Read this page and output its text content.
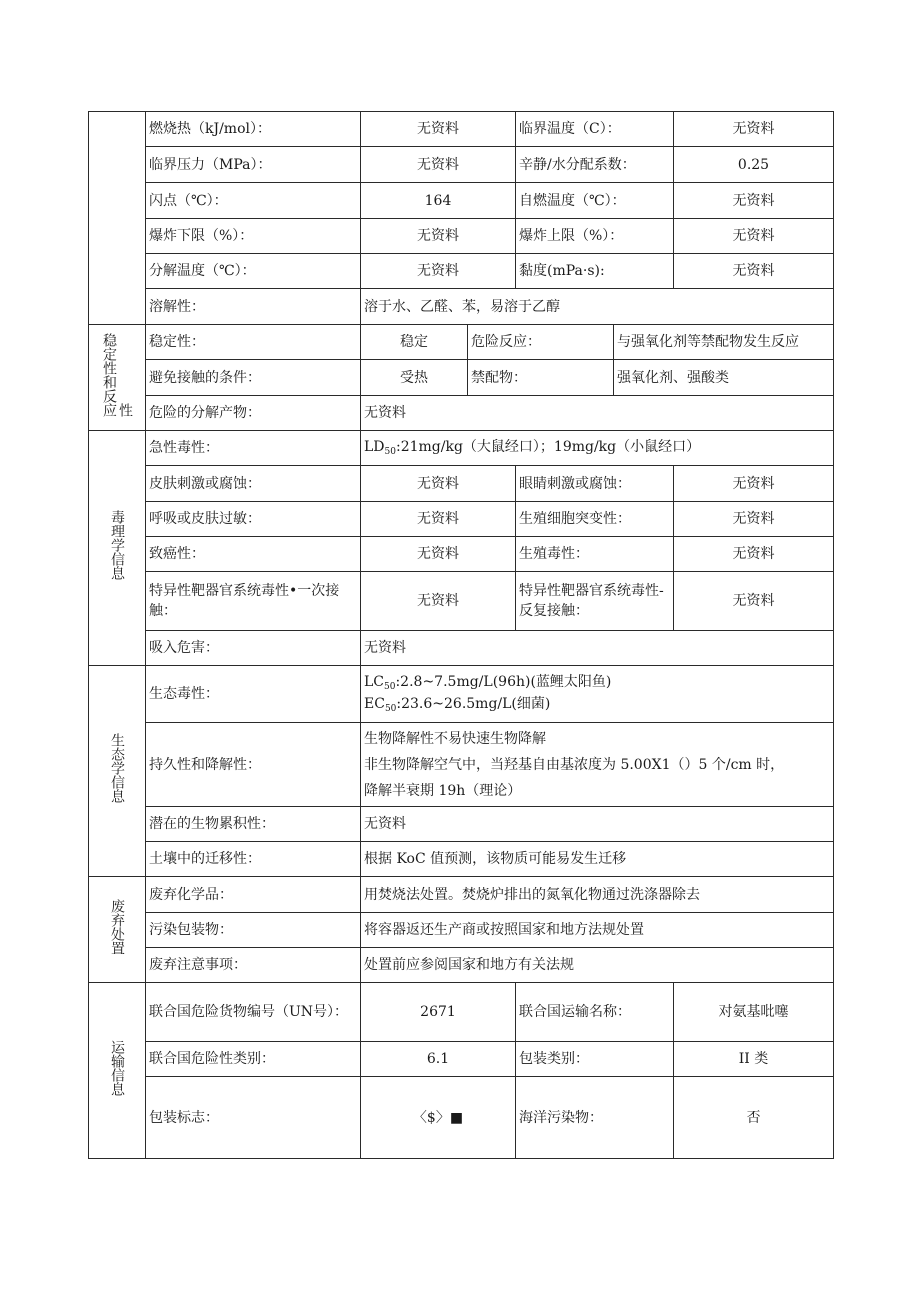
	燃烧热（kJ/mol）：	无资料		临界温度（C）：		无资料
	临界压力（MPa）：	无资料		辛静/水分配系数：		0.25
	闪点（℃）：	164		自燃温度（℃）：		无资料
	爆炸下限（%）：	无资料		爆炸上限（%）：		无资料
	分解温度（℃）：	无资料		黏度(mPa·s):		无资料
	溶解性：	溶于水、乙醛、苯，易溶于乙醇				
稳定性和反应性	稳定性：	稳定	危险反应：		与强氧化剂等禁配物发生反应	
	避免接触的条件：	受热	禁配物：		强氧化剂、强酸类	
	危险的分解产物：	无资料				
毒理学信息	急性毒性：	$LD_{50}:21mg/kg$（大鼠经口）；19mg/kg（小鼠经口）				
	皮肤刺激或腐蚀：	无资料		眼睛刺激或腐蚀：		无资料
	呼吸或皮肤过敏：	无资料		生殖细胞突变性：		无资料
	致癌性：	无资料		生殖毒性：		无资料
	特异性靶器官系统毒性•一次接触：	无资料		特异性靶器官系统毒性-反复接触：		无资料
	吸入危害：	无资料				
生态学信息	生态毒性：	$LC_{50}:2.8\sim 7.5mg/L(96h)$(蓝鲤太阳鱼)
$EC_{50}:23.6\sim 26.5mg/L$(细菌)				

	持久性和降解性：	生物降解性不易快速生物降解
非生物降解空气中，当羟基自由基浓度为 5.00X1（）5 个/cm 时，
降解半衰期 19h（理论）				

	潜在的生物累积性：	无资料				
	土壤中的迁移性：	根据 KoC 值预测，该物质可能易发生迁移				
废弃处置	废弃化学品：	用焚烧法处置。焚烧炉排出的氮氧化物通过洗涤器除去				
	污染包装物：	将容器返还生产商或按照国家和地方法规处置				
	废弃注意事项：	处置前应参阅国家和地方有关法规				
运输信息	联合国危险货物编号（UN号）：	2671		联合国运输名称：		对氨基吡噻
	联合国危险性类别：	6.1		包装类别：		II 类
	包装标志：	〈$〉■		海洋污染物：		否
